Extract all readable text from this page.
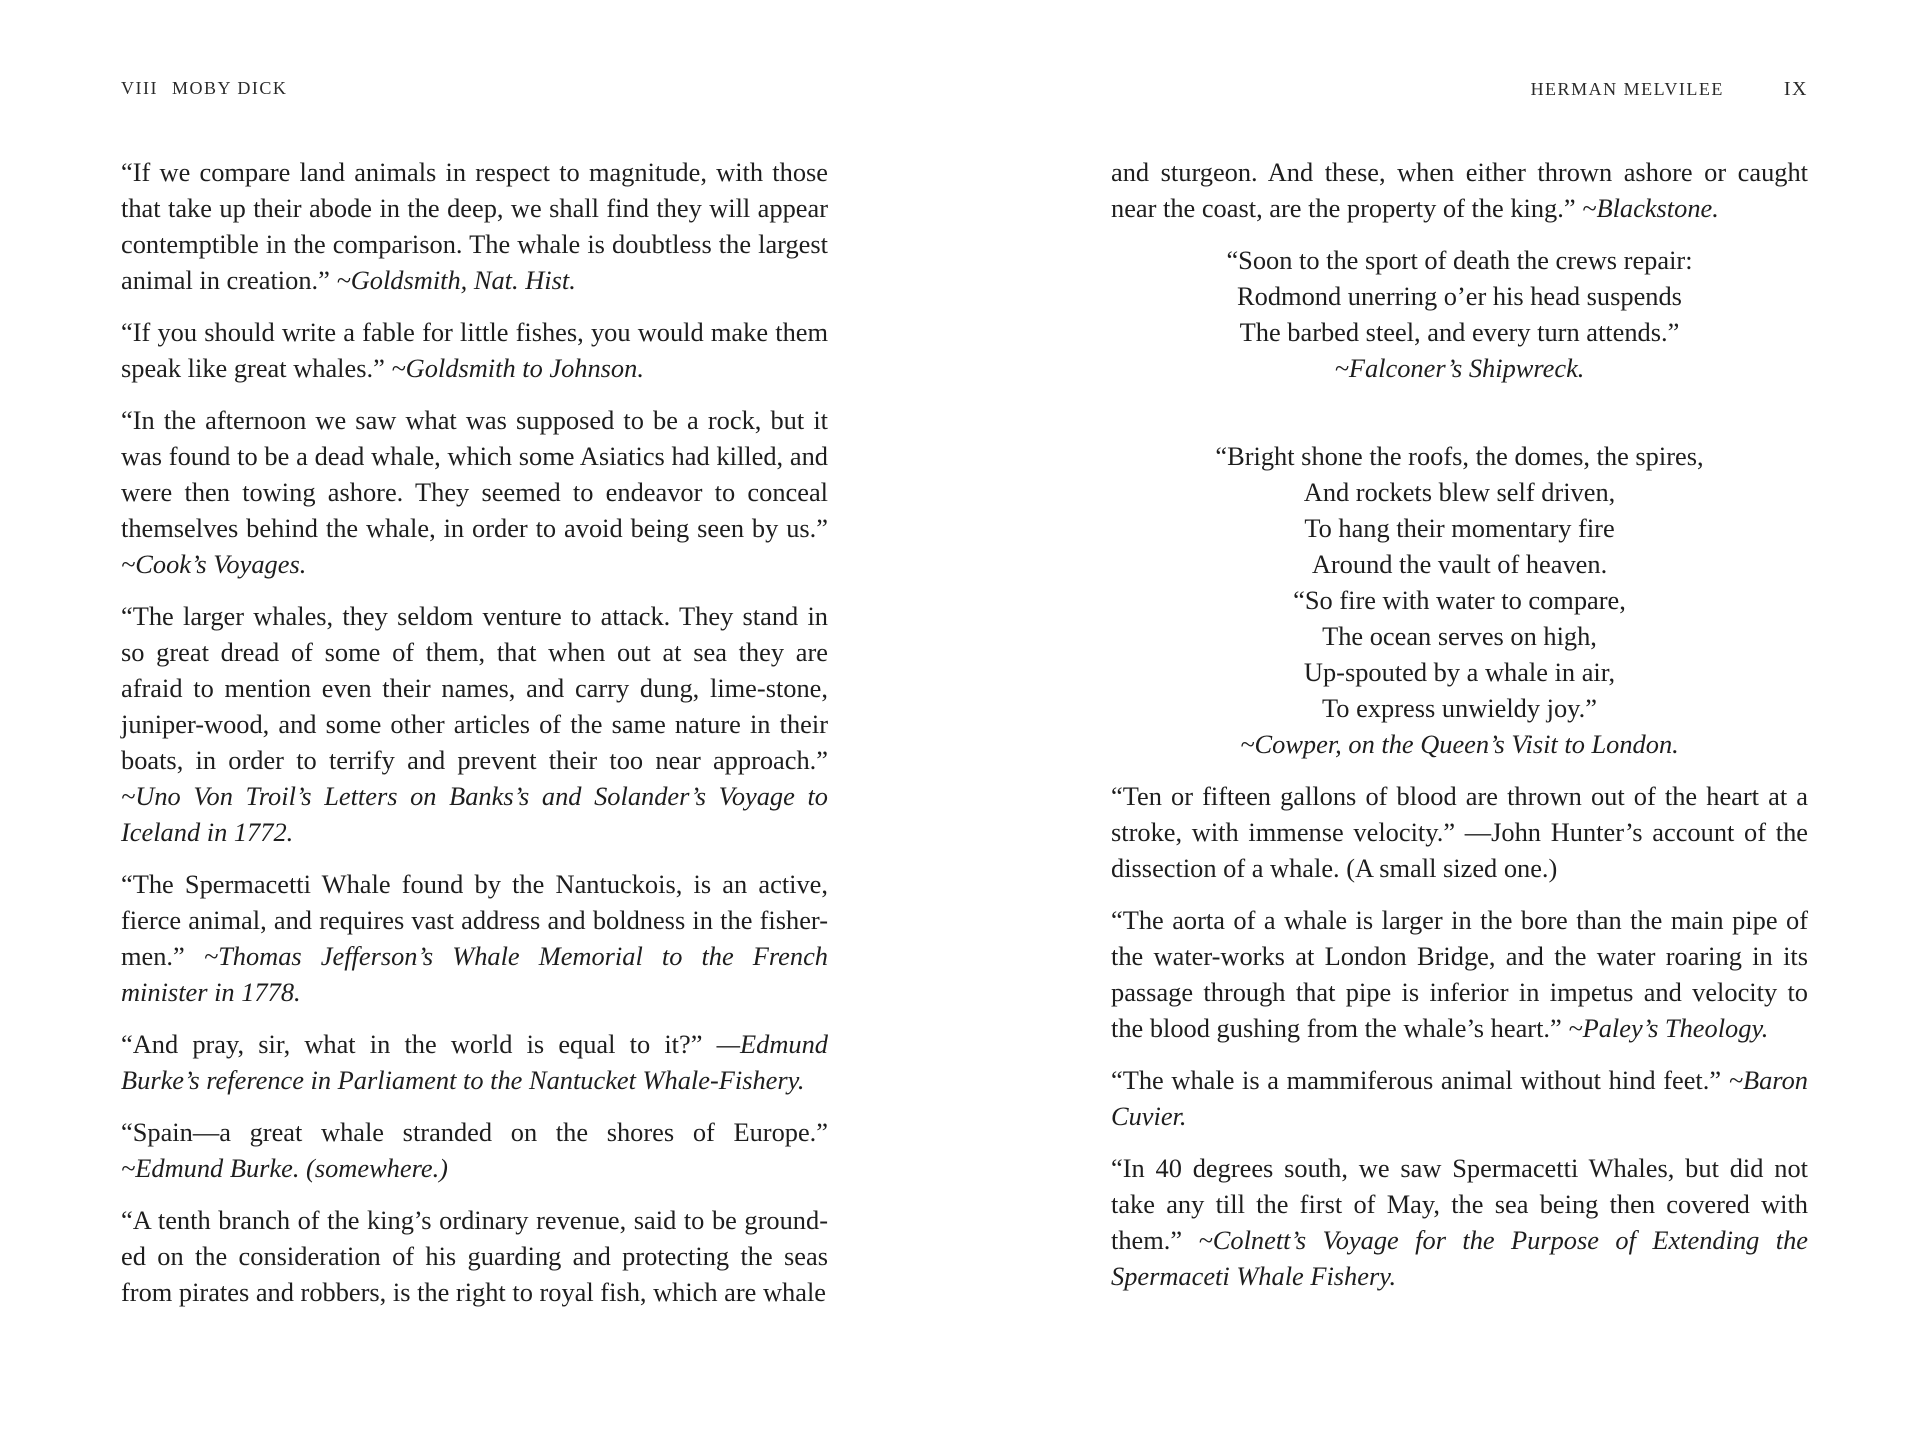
VIII MOBY DICK

“If we compare land animals in respect to magnitude, with those that take up their abode in the deep, we shall find they will appear contemptible in the comparison. The whale is doubtless the largest animal in creation.” ~Goldsmith, Nat. Hist.

“If you should write a fable for little fishes, you would make them speak like great whales.” ~Goldsmith to Johnson.

“In the afternoon we saw what was supposed to be a rock, but it was found to be a dead whale, which some Asiatics had killed, and were then towing ashore. They seemed to endeavor to conceal themselves behind the whale, in order to avoid being seen by us.” ~Cook’s Voyages.

“The larger whales, they seldom venture to attack. They stand in so great dread of some of them, that when out at sea they are afraid to mention even their names, and carry dung, lime-stone, juniper-wood, and some other articles of the same nature in their boats, in order to terrify and prevent their too near approach.” ~Uno Von Troil’s Letters on Banks’s and Solander’s Voyage to Iceland in 1772.

“The Spermacetti Whale found by the Nantuckois, is an active, fierce animal, and requires vast address and boldness in the fisher-men.” ~Thomas Jefferson’s Whale Memorial to the French minister in 1778.

“And pray, sir, what in the world is equal to it?” —Edmund Burke’s reference in Parliament to the Nantucket Whale-Fishery.

“Spain—a great whale stranded on the shores of Europe.” ~Edmund Burke. (somewhere.)

“A tenth branch of the king’s ordinary revenue, said to be ground-ed on the consideration of his guarding and protecting the seas from pirates and robbers, is the right to royal fish, which are whale

HERMAN MELVILEE	IX

and sturgeon. And these, when either thrown ashore or caught near the coast, are the property of the king.” ~Blackstone.

“Soon to the sport of death the crews repair:
Rodmond unerring o’er his head suspends
The barbed steel, and every turn attends.”
~Falconer’s Shipwreck.
“Bright shone the roofs, the domes, the spires,
And rockets blew self driven,
To hang their momentary fire
Around the vault of heaven.
“So fire with water to compare,
The ocean serves on high,
Up-spouted by a whale in air,
To express unwieldy joy.”
~Cowper, on the Queen’s Visit to London.

“Ten or fifteen gallons of blood are thrown out of the heart at a stroke, with immense velocity.” —John Hunter’s account of the dissection of a whale. (A small sized one.)

“The aorta of a whale is larger in the bore than the main pipe of the water-works at London Bridge, and the water roaring in its passage through that pipe is inferior in impetus and velocity to the blood gushing from the whale’s heart.” ~Paley’s Theology.

“The whale is a mammiferous animal without hind feet.” ~Baron Cuvier.

“In 40 degrees south, we saw Spermacetti Whales, but did not take any till the first of May, the sea being then covered with them.” ~Colnett’s Voyage for the Purpose of Extending the Spermaceti Whale Fishery.
